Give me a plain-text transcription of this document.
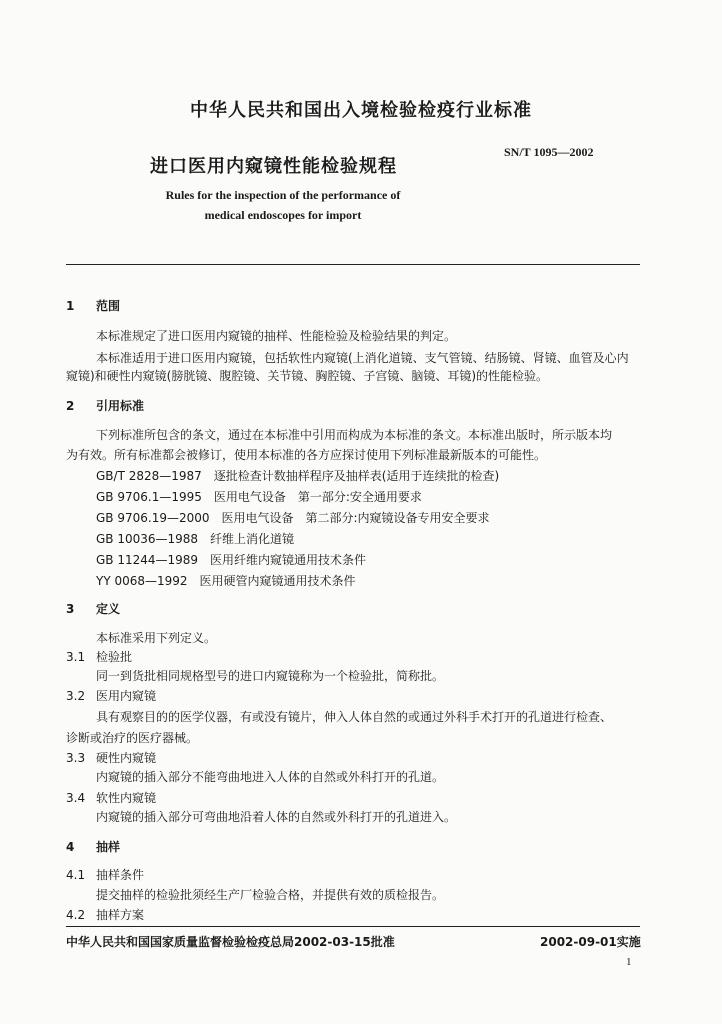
中华人民共和国出入境检验检疫行业标准
进口医用内窥镜性能检验规程
SN/T 1095—2002
Rules for the inspection of the performance of
medical endoscopes for import
1 范围
本标准规定了进口医用内窥镜的抽样、性能检验及检验结果的判定。
本标准适用于进口医用内窥镜，包括软性内窥镜(上消化道镜、支气管镜、结肠镜、肾镜、血管及心内
窥镜)和硬性内窥镜(膀胱镜、腹腔镜、关节镜、胸腔镜、子宫镜、脑镜、耳镜)的性能检验。
2 引用标准
下列标准所包含的条文，通过在本标准中引用而构成为本标准的条文。本标准出版时，所示版本均
为有效。所有标准都会被修订，使用本标准的各方应探讨使用下列标准最新版本的可能性。
GB/T 2828—1987　逐批检查计数抽样程序及抽样表(适用于连续批的检查)
GB 9706.1—1995　医用电气设备　第一部分:安全通用要求
GB 9706.19—2000　医用电气设备　第二部分:内窥镜设备专用安全要求
GB 10036—1988　纤维上消化道镜
GB 11244—1989　医用纤维内窥镜通用技术条件
YY 0068—1992　医用硬管内窥镜通用技术条件
3 定义
本标准采用下列定义。
3.1 检验批
同一到货批相同规格型号的进口内窥镜称为一个检验批，简称批。
3.2 医用内窥镜
具有观察目的的医学仪器，有或没有镜片，伸入人体自然的或通过外科手术打开的孔道进行检查、
诊断或治疗的医疗器械。
3.3 硬性内窥镜
内窥镜的插入部分不能弯曲地进入人体的自然或外科打开的孔道。
3.4 软性内窥镜
内窥镜的插入部分可弯曲地沿着人体的自然或外科打开的孔道进入。
4 抽样
4.1 抽样条件
提交抽样的检验批须经生产厂检验合格，并提供有效的质检报告。
4.2 抽样方案
中华人民共和国国家质量监督检验检疫总局2002-03-15批准	2002-09-01实施
1
